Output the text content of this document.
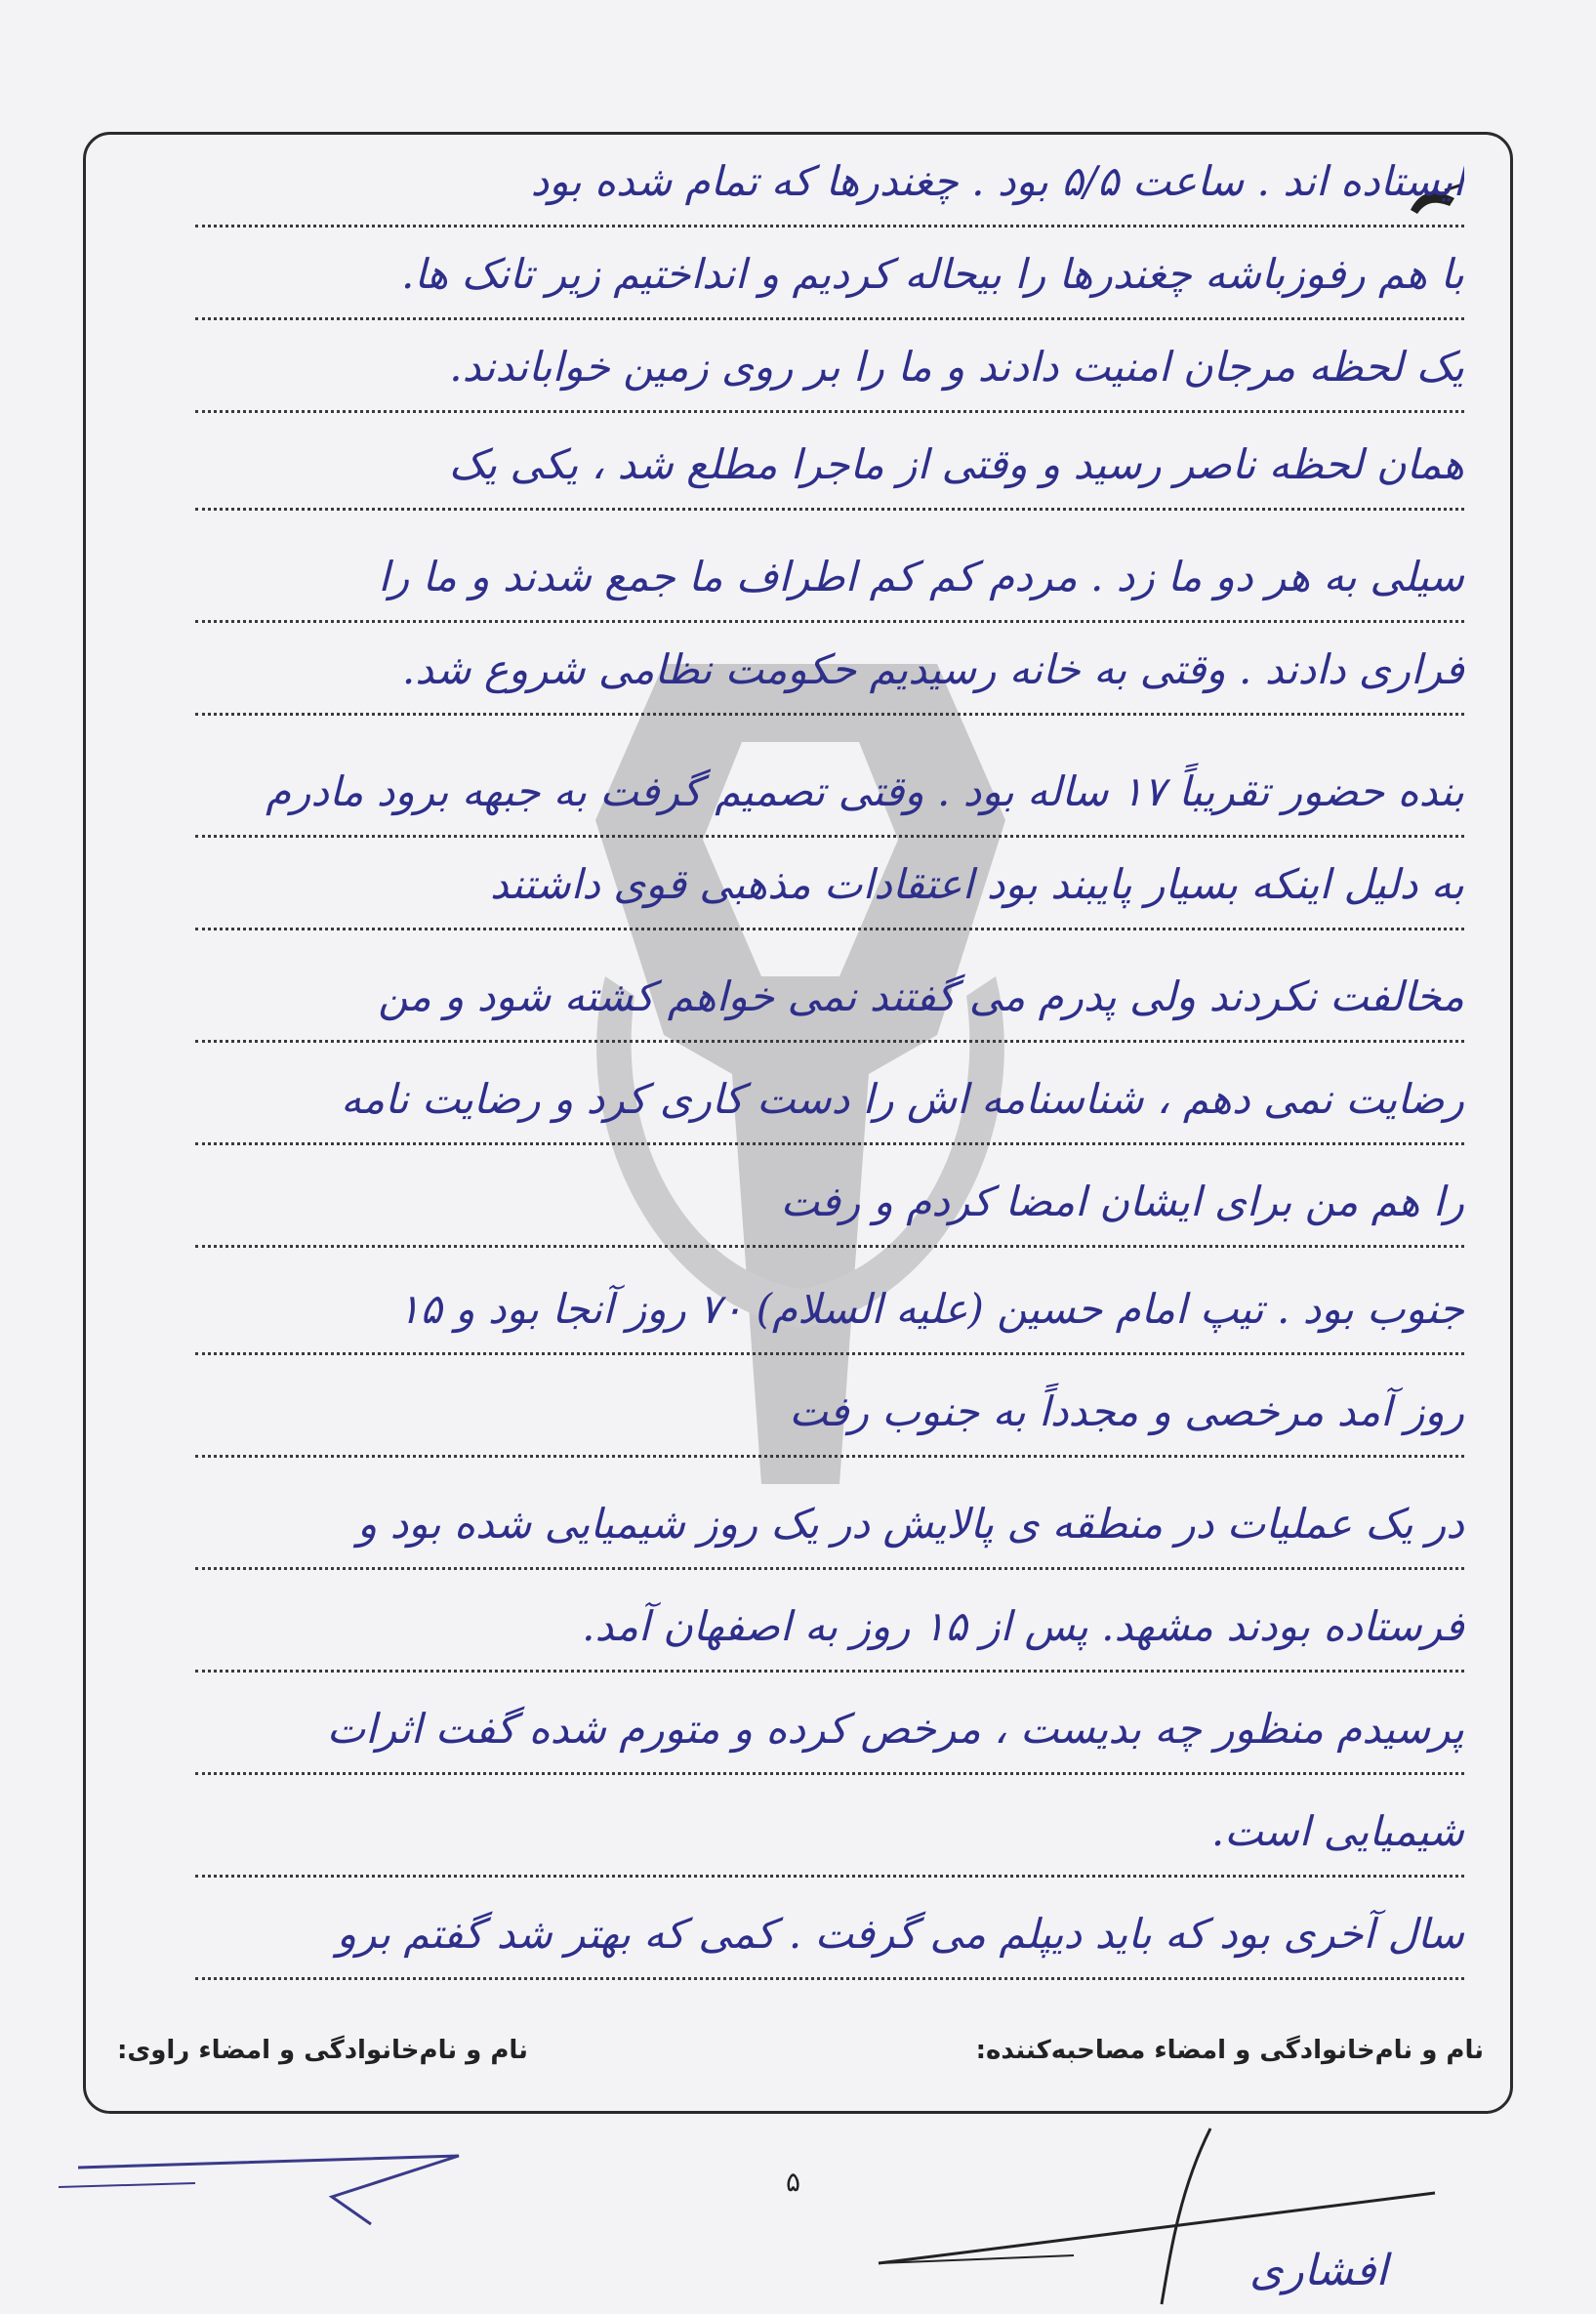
ایستاده اند . ساعت ۵/۵ بود . چغندرها که تمام شده بود
با هم رفوزباشه چغندرها را بیحاله کردیم و انداختیم زیر تانک ها.
یک لحظه مرجان امنیت دادند و ما را بر روی زمین خواباندند.
همان لحظه ناصر رسید و وقتی از ماجرا مطلع شد ، یکی یک
سیلی به هر دو ما زد . مردم کم کم اطراف ما جمع شدند و ما را
فراری دادند . وقتی به خانه رسیدیم حکومت نظامی شروع شد.
بنده حضور تقریباً ۱۷ ساله بود . وقتی تصمیم گرفت به جبهه برود مادرم
به دلیل اینکه بسیار پایبند بود اعتقادات مذهبی قوی داشتند
مخالفت نکردند ولی پدرم می گفتند نمی خواهم کشته شود و من
رضایت نمی دهم ، شناسنامه اش را دست کاری کرد و رضایت نامه
را هم من برای ایشان امضا کردم و رفت
جنوب بود . تیپ امام حسین (علیه السلام) ۷۰ روز آنجا بود و ۱۵
روز آمد مرخصی و مجدداً به جنوب رفت
در یک عملیات در منطقه ی پالایش در یک روز شیمیایی شده بود و
فرستاده بودند مشهد. پس از ۱۵ روز به اصفهان آمد.
پرسیدم منظور چه بدیست ، مرخص کرده و متورم شده گفت اثرات
شیمیایی است.
سال آخری بود که باید دیپلم می گرفت . کمی که بهتر شد گفتم برو
نام و نام‌خانوادگی و امضاء مصاحبه‌کننده:
نام و نام‌خانوادگی و امضاء راوی:
۵
افشاری
